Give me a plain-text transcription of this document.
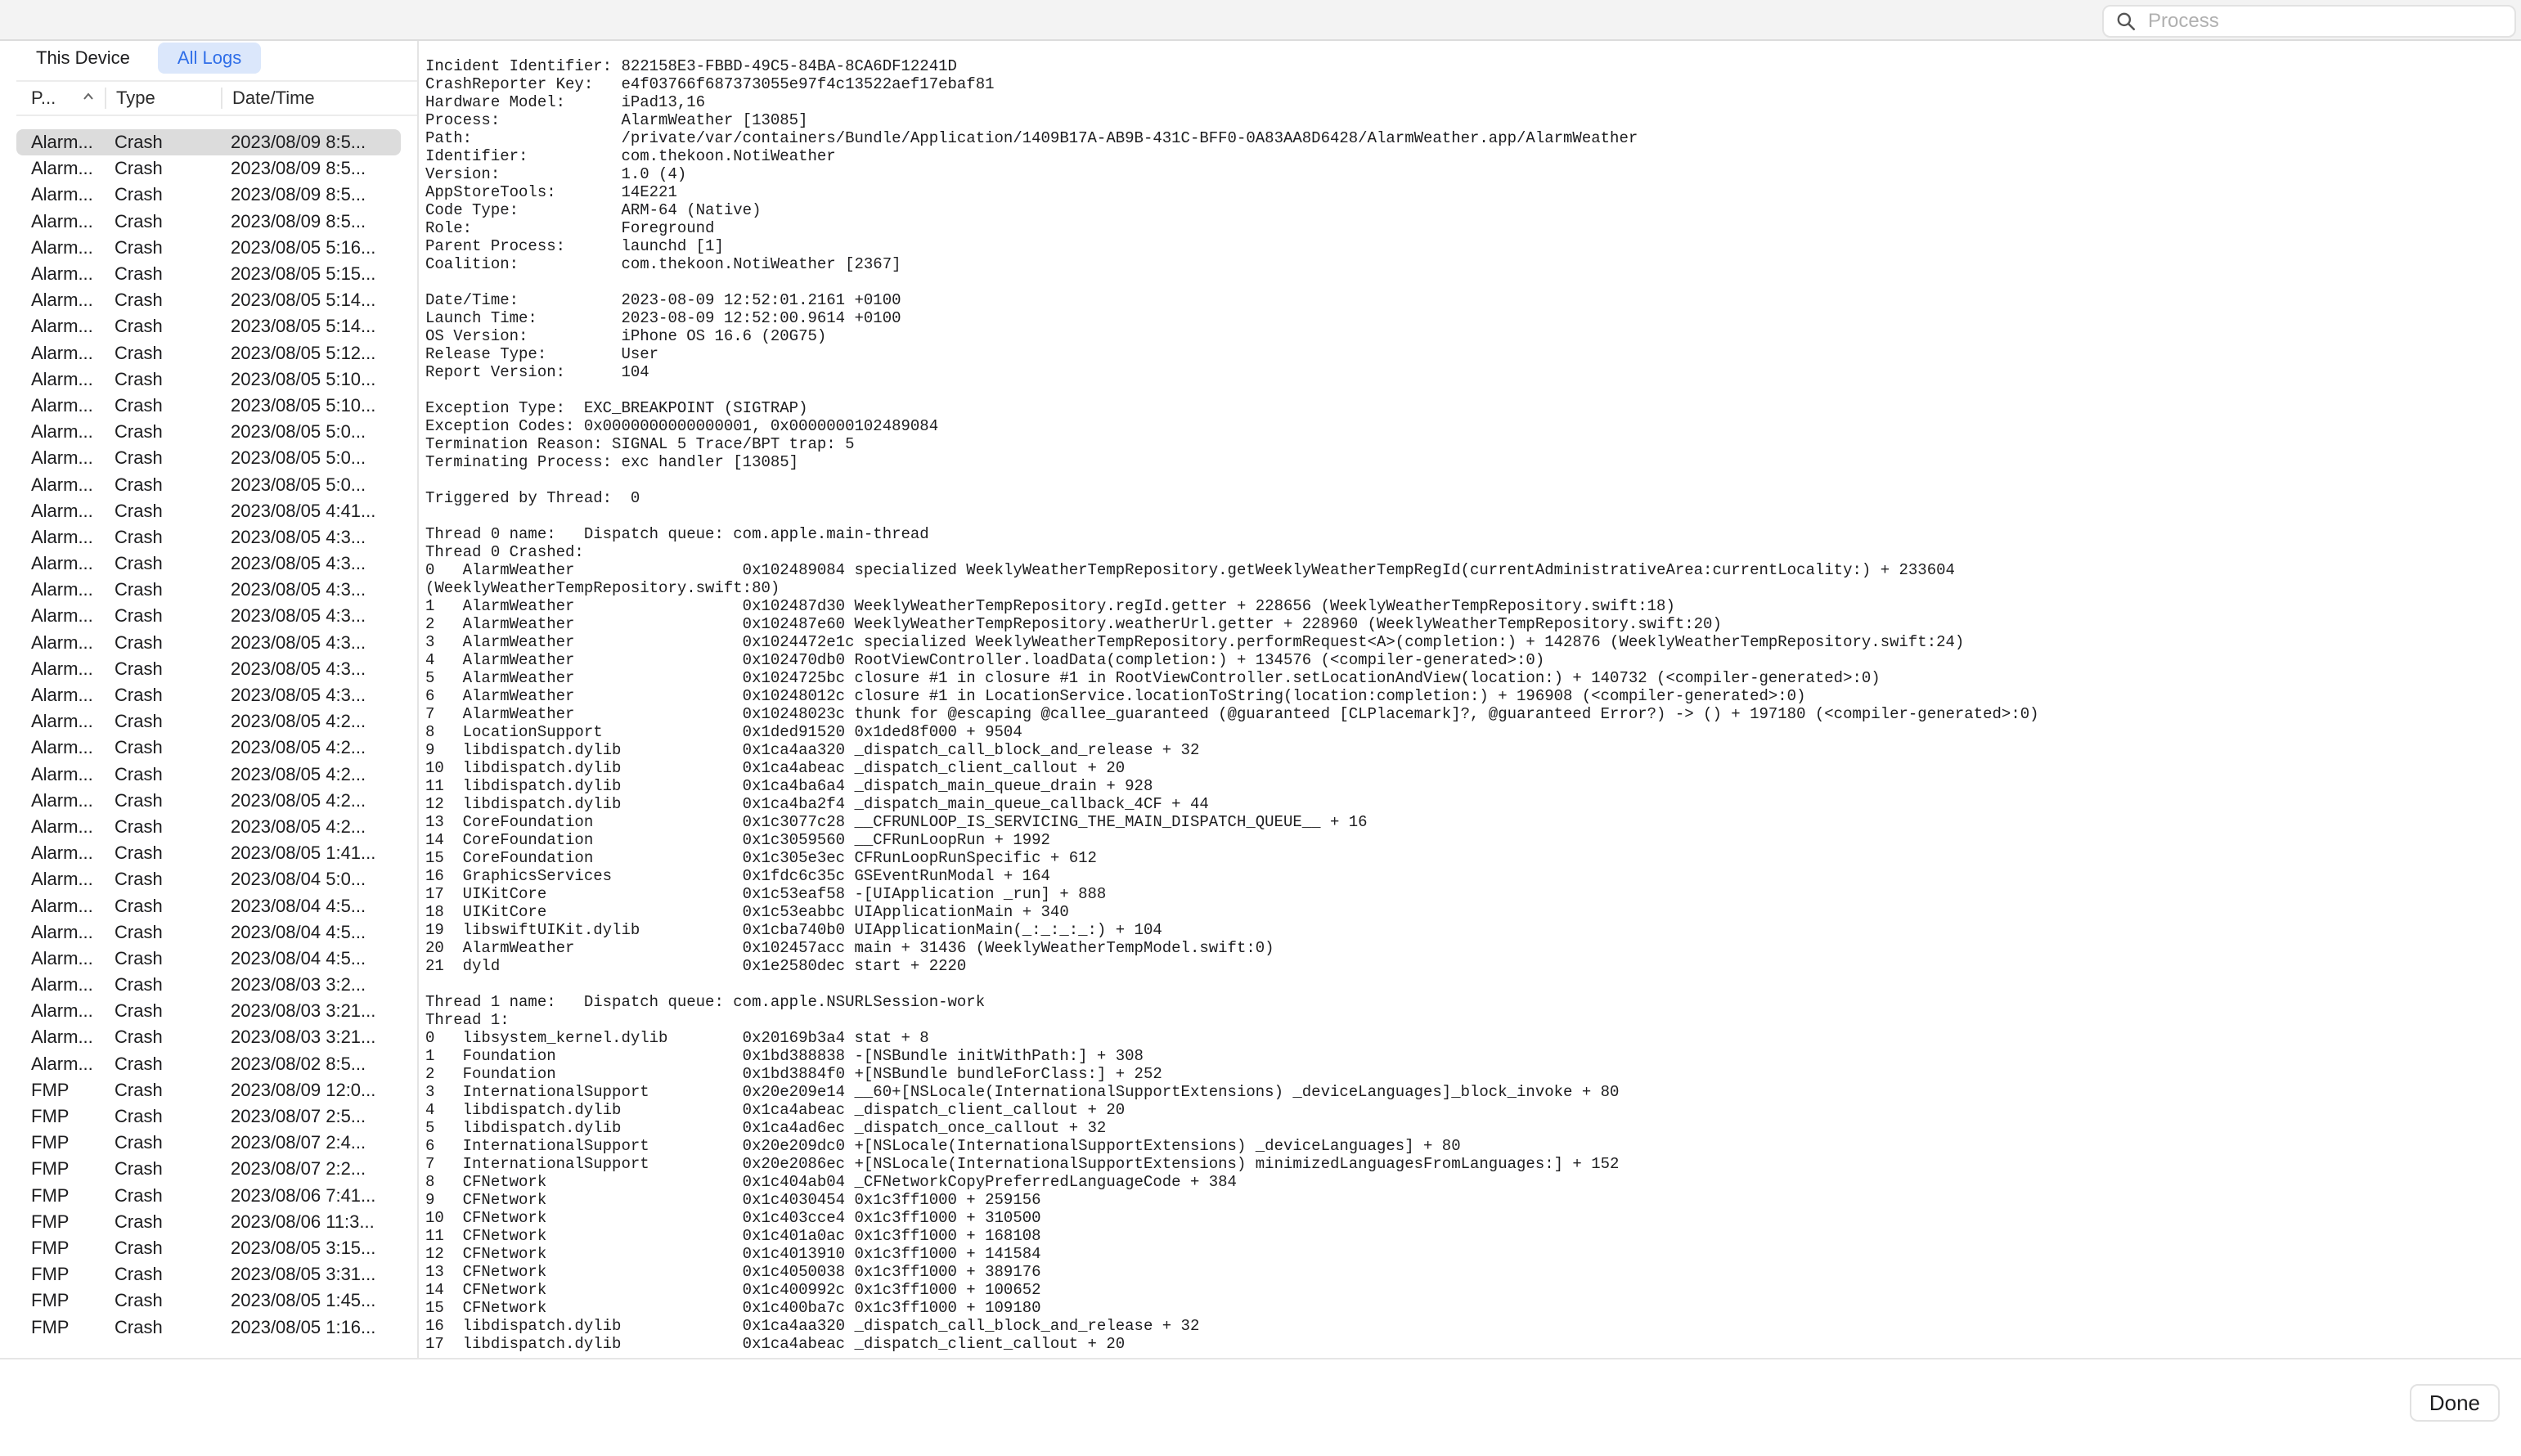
Process
This Device	All Logs
P...	Type	Date/Time
Alarm...	Crash	2023/08/09 8:5...
Alarm...	Crash	2023/08/09 8:5...
Alarm...	Crash	2023/08/09 8:5...
Alarm...	Crash	2023/08/09 8:5...
Alarm...	Crash	2023/08/05 5:16...
Alarm...	Crash	2023/08/05 5:15...
Alarm...	Crash	2023/08/05 5:14...
Alarm...	Crash	2023/08/05 5:14...
Alarm...	Crash	2023/08/05 5:12...
Alarm...	Crash	2023/08/05 5:10...
Alarm...	Crash	2023/08/05 5:10...
Alarm...	Crash	2023/08/05 5:0...
Alarm...	Crash	2023/08/05 5:0...
Alarm...	Crash	2023/08/05 5:0...
Alarm...	Crash	2023/08/05 4:41...
Alarm...	Crash	2023/08/05 4:3...
Alarm...	Crash	2023/08/05 4:3...
Alarm...	Crash	2023/08/05 4:3...
Alarm...	Crash	2023/08/05 4:3...
Alarm...	Crash	2023/08/05 4:3...
Alarm...	Crash	2023/08/05 4:3...
Alarm...	Crash	2023/08/05 4:3...
Alarm...	Crash	2023/08/05 4:2...
Alarm...	Crash	2023/08/05 4:2...
Alarm...	Crash	2023/08/05 4:2...
Alarm...	Crash	2023/08/05 4:2...
Alarm...	Crash	2023/08/05 4:2...
Alarm...	Crash	2023/08/05 1:41...
Alarm...	Crash	2023/08/04 5:0...
Alarm...	Crash	2023/08/04 4:5...
Alarm...	Crash	2023/08/04 4:5...
Alarm...	Crash	2023/08/04 4:5...
Alarm...	Crash	2023/08/03 3:2...
Alarm...	Crash	2023/08/03 3:21...
Alarm...	Crash	2023/08/03 3:21...
Alarm...	Crash	2023/08/02 8:5...
FMP	Crash	2023/08/09 12:0...
FMP	Crash	2023/08/07 2:5...
FMP	Crash	2023/08/07 2:4...
FMP	Crash	2023/08/07 2:2...
FMP	Crash	2023/08/06 7:41...
FMP	Crash	2023/08/06 11:3...
FMP	Crash	2023/08/05 3:15...
FMP	Crash	2023/08/05 3:31...
FMP	Crash	2023/08/05 1:45...
FMP	Crash	2023/08/05 1:16...
Incident Identifier: 822158E3-FBBD-49C5-84BA-8CA6DF12241D
CrashReporter Key:   e4f03766f687373055e97f4c13522aef17ebaf81
Hardware Model:      iPad13,16
Process:             AlarmWeather [13085]
Path:                /private/var/containers/Bundle/Application/1409B17A-AB9B-431C-BFF0-0A83AA8D6428/AlarmWeather.app/AlarmWeather
Identifier:          com.thekoon.NotiWeather
Version:             1.0 (4)
AppStoreTools:       14E221
Code Type:           ARM-64 (Native)
Role:                Foreground
Parent Process:      launchd [1]
Coalition:           com.thekoon.NotiWeather [2367]
Date/Time:           2023-08-09 12:52:01.2161 +0100
Launch Time:         2023-08-09 12:52:00.9614 +0100
OS Version:          iPhone OS 16.6 (20G75)
Release Type:        User
Report Version:      104
Exception Type:  EXC_BREAKPOINT (SIGTRAP)
Exception Codes: 0x0000000000000001, 0x0000000102489084
Termination Reason: SIGNAL 5 Trace/BPT trap: 5
Terminating Process: exc handler [13085]
Triggered by Thread:  0
Thread 0 name:   Dispatch queue: com.apple.main-thread
Thread 0 Crashed:
0   AlarmWeather                  0x102489084 specialized WeeklyWeatherTempRepository.getWeeklyWeatherTempRegId(currentAdministrativeArea:currentLocality:) + 233604
(WeeklyWeatherTempRepository.swift:80)
1   AlarmWeather                  0x102487d30 WeeklyWeatherTempRepository.regId.getter + 228656 (WeeklyWeatherTempRepository.swift:18)
2   AlarmWeather                  0x102487e60 WeeklyWeatherTempRepository.weatherUrl.getter + 228960 (WeeklyWeatherTempRepository.swift:20)
3   AlarmWeather                  0x1024472e1c specialized WeeklyWeatherTempRepository.performRequest<A>(completion:) + 142876 (WeeklyWeatherTempRepository.swift:24)
4   AlarmWeather                  0x102470db0 RootViewController.loadData(completion:) + 134576 (<compiler-generated>:0)
5   AlarmWeather                  0x1024725bc closure #1 in closure #1 in RootViewController.setLocationAndView(location:) + 140732 (<compiler-generated>:0)
6   AlarmWeather                  0x10248012c closure #1 in LocationService.locationToString(location:completion:) + 196908 (<compiler-generated>:0)
7   AlarmWeather                  0x10248023c thunk for @escaping @callee_guaranteed (@guaranteed [CLPlacemark]?, @guaranteed Error?) -> () + 197180 (<compiler-generated>:0)
8   LocationSupport               0x1ded91520 0x1ded8f000 + 9504
9   libdispatch.dylib             0x1ca4aa320 _dispatch_call_block_and_release + 32
10  libdispatch.dylib             0x1ca4abeac _dispatch_client_callout + 20
11  libdispatch.dylib             0x1ca4ba6a4 _dispatch_main_queue_drain + 928
12  libdispatch.dylib             0x1ca4ba2f4 _dispatch_main_queue_callback_4CF + 44
13  CoreFoundation                0x1c3077c28 __CFRUNLOOP_IS_SERVICING_THE_MAIN_DISPATCH_QUEUE__ + 16
14  CoreFoundation                0x1c3059560 __CFRunLoopRun + 1992
15  CoreFoundation                0x1c305e3ec CFRunLoopRunSpecific + 612
16  GraphicsServices              0x1fdc6c35c GSEventRunModal + 164
17  UIKitCore                     0x1c53eaf58 -[UIApplication _run] + 888
18  UIKitCore                     0x1c53eabbc UIApplicationMain + 340
19  libswiftUIKit.dylib           0x1cba740b0 UIApplicationMain(_:_:_:_:) + 104
20  AlarmWeather                  0x102457acc main + 31436 (WeeklyWeatherTempModel.swift:0)
21  dyld                          0x1e2580dec start + 2220
Thread 1 name:   Dispatch queue: com.apple.NSURLSession-work
Thread 1:
0   libsystem_kernel.dylib        0x20169b3a4 stat + 8
1   Foundation                    0x1bd388838 -[NSBundle initWithPath:] + 308
2   Foundation                    0x1bd3884f0 +[NSBundle bundleForClass:] + 252
3   InternationalSupport          0x20e209e14 __60+[NSLocale(InternationalSupportExtensions) _deviceLanguages]_block_invoke + 80
4   libdispatch.dylib             0x1ca4abeac _dispatch_client_callout + 20
5   libdispatch.dylib             0x1ca4ad6ec _dispatch_once_callout + 32
6   InternationalSupport          0x20e209dc0 +[NSLocale(InternationalSupportExtensions) _deviceLanguages] + 80
7   InternationalSupport          0x20e2086ec +[NSLocale(InternationalSupportExtensions) minimizedLanguagesFromLanguages:] + 152
8   CFNetwork                     0x1c404ab04 _CFNetworkCopyPreferredLanguageCode + 384
9   CFNetwork                     0x1c4030454 0x1c3ff1000 + 259156
10  CFNetwork                     0x1c403cce4 0x1c3ff1000 + 310500
11  CFNetwork                     0x1c401a0ac 0x1c3ff1000 + 168108
12  CFNetwork                     0x1c4013910 0x1c3ff1000 + 141584
13  CFNetwork                     0x1c4050038 0x1c3ff1000 + 389176
14  CFNetwork                     0x1c400992c 0x1c3ff1000 + 100652
15  CFNetwork                     0x1c400ba7c 0x1c3ff1000 + 109180
16  libdispatch.dylib             0x1ca4aa320 _dispatch_call_block_and_release + 32
17  libdispatch.dylib             0x1ca4abeac _dispatch_client_callout + 20
Done
